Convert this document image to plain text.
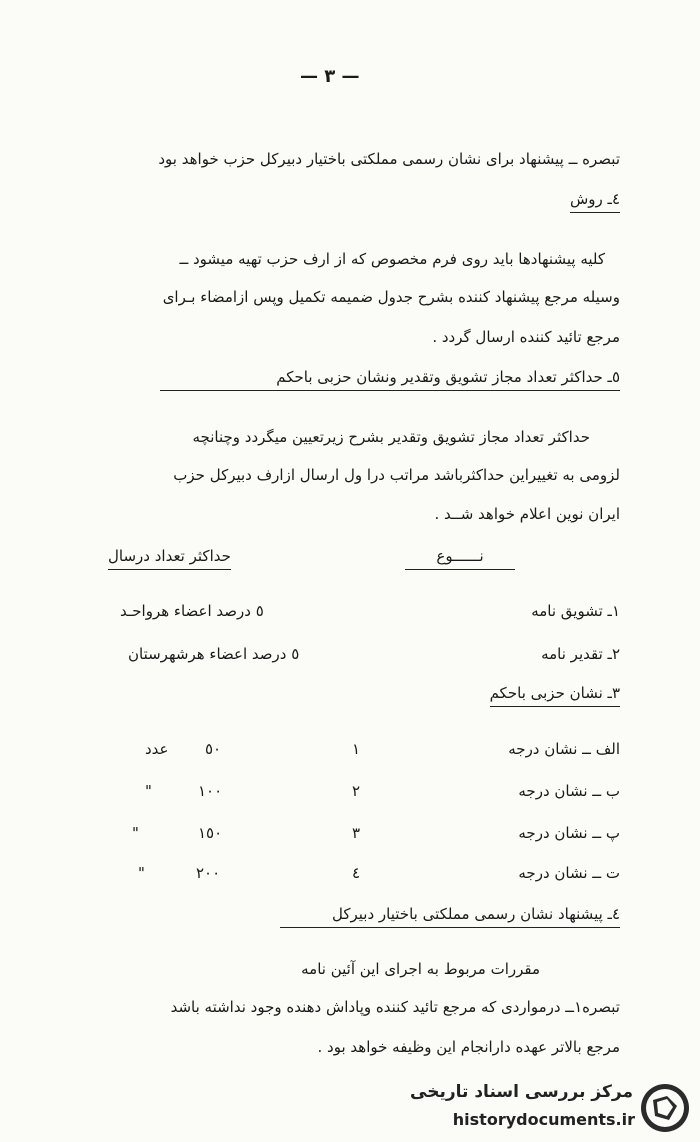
— ٣ —
تبصره ــ پیشنهاد برای نشان رسمی مملکتی باختیار دبیرکل حزب خواهد بود
٤ـ روش
کلیه پیشنهادها باید روی فرم مخصوص که از ارف حزب تهیه میشود ــ
وسیله مرجع پیشنهاد کننده بشرح جدول ضمیمه تکمیل وپس ازامضاء بـرای
مرجع تائید کننده ارسال گردد .
٥ـ حداکثر تعداد مجاز تشویق وتقدیر ونشان حزبی باحکم
حداکثر تعداد مجاز تشویق وتقدیر بشرح زیرتعیین میگردد وچنانچه
لزومی به تغییراین حداکثرباشد مراتب درا ول ارسال ازارف دبیرکل حزب
ایران نوین اعلام خواهد شــد .
نــــــوع
حداکثر تعداد درسال
١ـ تشویق نامه
٥ درصد اعضاء هرواحـد
٢ـ تقدیر نامه
٥ درصد اعضاء هرشهرستان
٣ـ نشان حزبی باحکم
الف ــ نشان درجه
١
٥٠
عدد
ب ــ نشان درجه
٢
١٠٠
"
پ ــ نشان درجه
٣
١٥٠
"
ت ــ نشان درجه
٤
٢٠٠
"
٤ـ پیشنهاد نشان رسمی مملکتی باختیار دبیرکل
مقررات مربوط به اجرای این آئین نامه
تبصره١ــ درمواردی که مرجع تائید کننده وپاداش دهنده وجود نداشته باشد
مرجع بالاتر عهده دارانجام این وظیفه خواهد بود .
مرکز بررسی اسناد تاریخی
historydocuments.ir
